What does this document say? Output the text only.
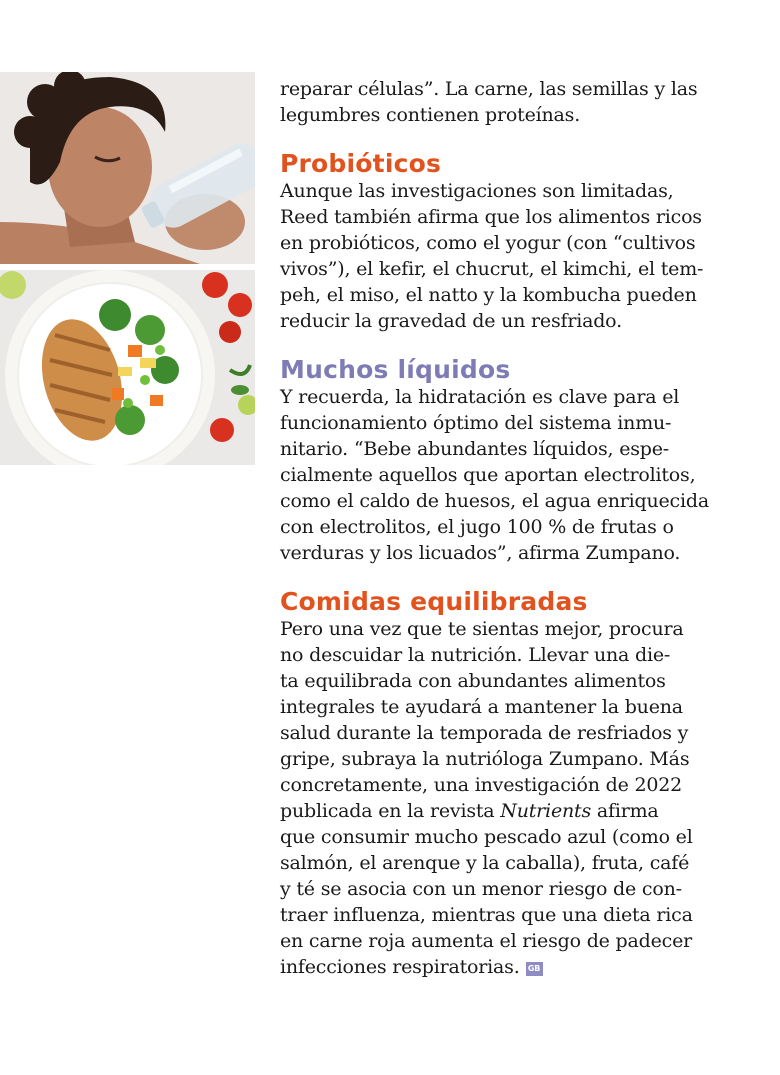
reparar células”. La carne, las semillas y las
legumbres contienen proteínas.

Probióticos

Aunque las investigaciones son limitadas,
Reed también afirma que los alimentos ricos
en probióticos, como el yogur (con “cultivos
vivos”), el kefir, el chucrut, el kimchi, el tem-
peh, el miso, el natto y la kombucha pueden
reducir la gravedad de un resfriado.

Muchos líquidos

Y recuerda, la hidratación es clave para el
funcionamiento óptimo del sistema inmu-
nitario. “Bebe abundantes líquidos, espe-
cialmente aquellos que aportan electrolitos,
como el caldo de huesos, el agua enriquecida
con electrolitos, el jugo 100 % de frutas o
verduras y los licuados”, afirma Zumpano.

Comidas equilibradas

Pero una vez que te sientas mejor, procura
no descuidar la nutrición. Llevar una die-
ta equilibrada con abundantes alimentos
integrales te ayudará a mantener la buena
salud durante la temporada de resfriados y
gripe, subraya la nutrióloga Zumpano. Más
concretamente, una investigación de 2022
publicada en la revista Nutrients afirma
que consumir mucho pescado azul (como el
salmón, el arenque y la caballa), fruta, café
y té se asocia con un menor riesgo de con-
traer influenza, mientras que una dieta rica
en carne roja aumenta el riesgo de padecer
infecciones respiratorias. GB
